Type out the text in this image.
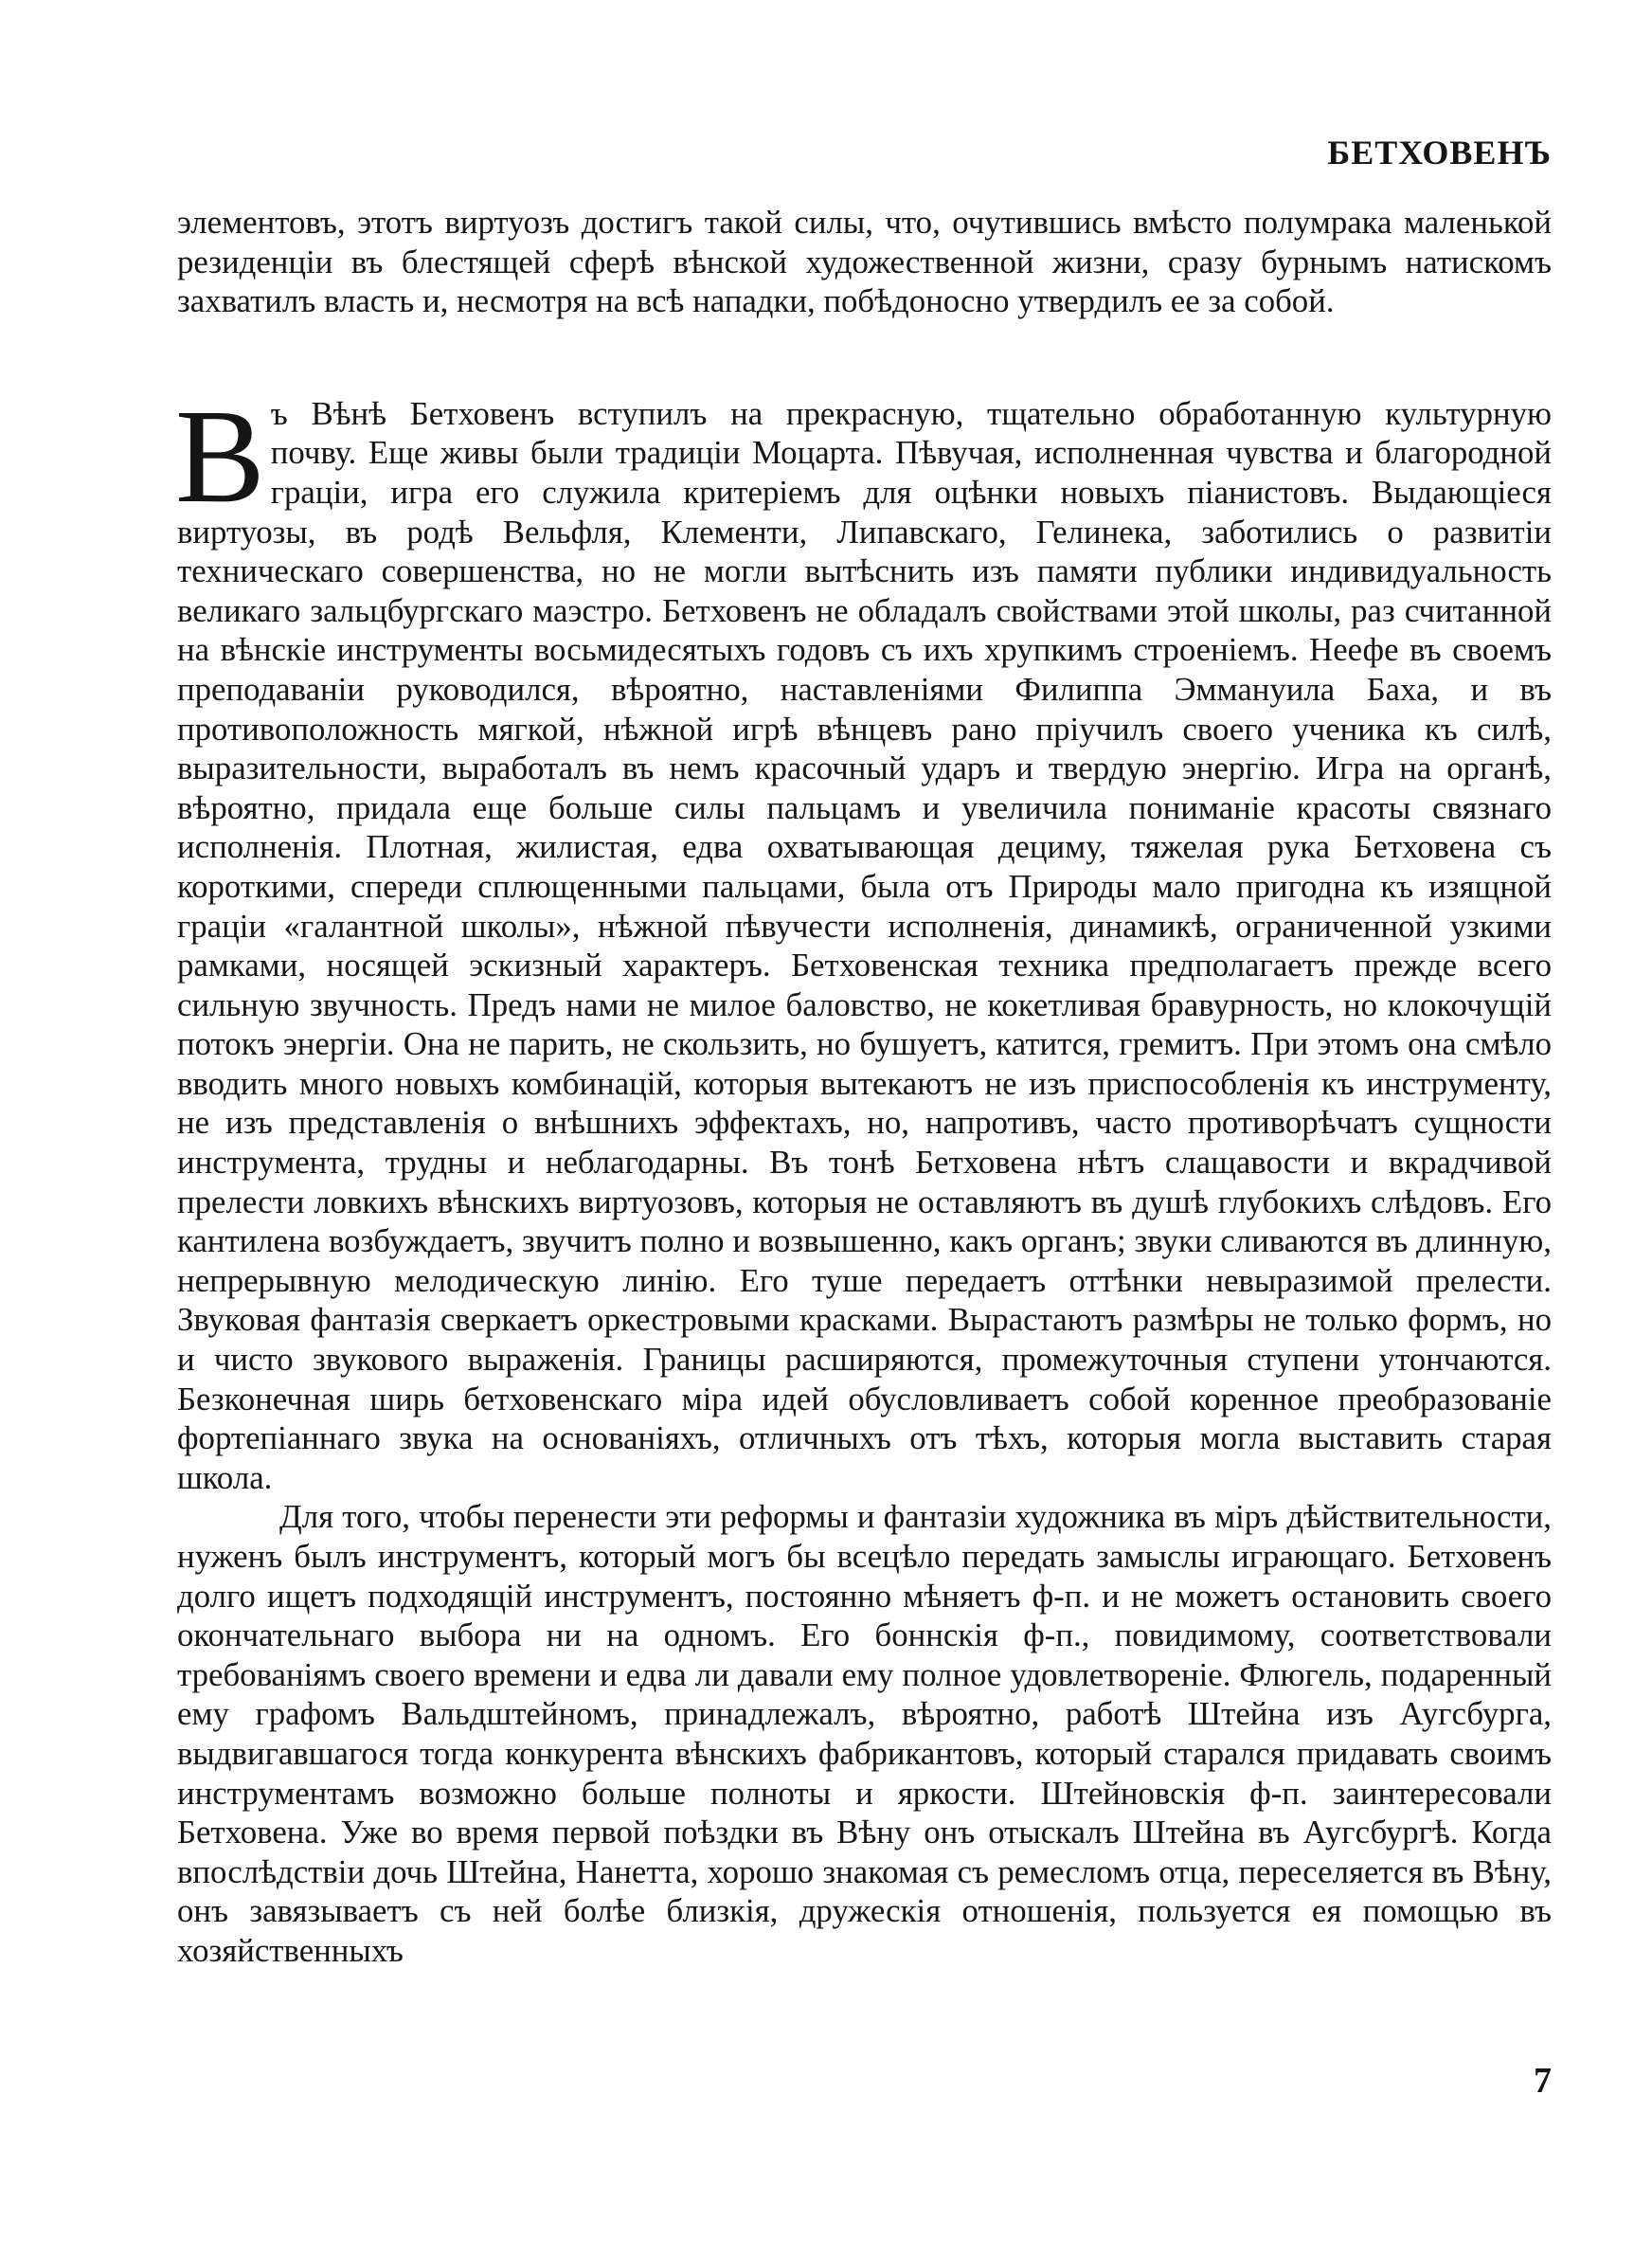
БЕТХОВЕНЪ

элементовъ, этотъ виртуозъ достигъ такой силы, что, очутившись вмѣсто полумрака маленькой резиденціи въ блестящей сферѣ вѣнской художественной жизни, сразу бурнымъ натискомъ захватилъ власть и, несмотря на всѣ нападки, побѣдоносно утвердилъ ее за собой.

Въ Вѣнѣ Бетховенъ вступилъ на прекрасную, тщательно обработанную культурную почву. Еще живы были традиціи Моцарта. Пѣвучая, исполненная чувства и благородной граціи, игра его служила критеріемъ для оцѣнки новыхъ піанистовъ. Выдающіеся виртуозы, въ родѣ Вельфля, Клементи, Липавскаго, Гелинека, заботились о развитіи техническаго совершенства, но не могли вытѣснить изъ памяти публики индивидуальность великаго зальцбургскаго маэстро. Бетховенъ не обладалъ свойствами этой школы, раз считанной на вѣнскіе инструменты восьмидесятыхъ годовъ съ ихъ хрупкимъ строеніемъ. Неефе въ своемъ преподаваніи руководился, вѣроятно, наставленіями Филиппа Эммануила Баха, и въ противоположность мягкой, нѣжной игрѣ вѣнцевъ рано пріучилъ своего ученика къ силѣ, выразительности, выработалъ въ немъ красочный ударъ и твердую энергію. Игра на органѣ, вѣроятно, придала еще больше силы пальцамъ и увеличила пониманіе красоты связнаго исполненія. Плотная, жилистая, едва охватывающая дециму, тяжелая рука Бетховена съ короткими, спереди сплющенными пальцами, была отъ Природы мало пригодна къ изящной граціи «галантной школы», нѣжной пѣвучести исполненія, динамикѣ, ограниченной узкими рамками, носящей эскизный характеръ. Бетховенская техника предполагаетъ прежде всего сильную звучность. Предъ нами не милое баловство, не кокетливая бравурность, но клокочущій потокъ энергіи. Она не парить, не скользить, но бушуетъ, катится, гремитъ. При этомъ она смѣло вводить много новыхъ комбинацій, которыя вытекаютъ не изъ приспособленія къ инструменту, не изъ представленія о внѣшнихъ эффектахъ, но, напротивъ, часто противорѣчатъ сущности инструмента, трудны и неблагодарны. Въ тонѣ Бетховена нѣтъ слащавости и вкрадчивой прелести ловкихъ вѣнскихъ виртуозовъ, которыя не оставляютъ въ душѣ глубокихъ слѣдовъ. Его кантилена возбуждаетъ, звучитъ полно и возвышенно, какъ органъ; звуки сливаются въ длинную, непрерывную мелодическую линію. Его туше передаетъ оттѣнки невыразимой прелести. Звуковая фантазія сверкаетъ оркестровыми красками. Вырастаютъ размѣры не только формъ, но и чисто звукового выраженія. Границы расширяются, промежуточныя ступени утончаются. Безконечная ширь бетховенскаго міра идей обусловливаетъ собой коренное преобразованіе фортепіаннаго звука на основаніяхъ, отличныхъ отъ тѣхъ, которыя могла выставить старая школа.

Для того, чтобы перенести эти реформы и фантазіи художника въ міръ дѣйствительности, нуженъ былъ инструментъ, который могъ бы всецѣло передать замыслы играющаго. Бетховенъ долго ищетъ подходящій инструментъ, постоянно мѣняетъ ф-п. и не можетъ остановить своего окончательнаго выбора ни на одномъ. Его боннскія ф-п., повидимому, соответствовали требованіямъ своего времени и едва ли давали ему полное удовлетвореніе. Флюгель, подаренный ему графомъ Вальдштейномъ, принадлежалъ, вѣроятно, работѣ Штейна изъ Аугсбурга, выдвигавшагося тогда конкурента вѣнскихъ фабрикантовъ, который старался придавать своимъ инструментамъ возможно больше полноты и яркости. Штейновскія ф-п. заинтересовали Бетховена. Уже во время первой поѣздки въ Вѣну онъ отыскалъ Штейна въ Аугсбургѣ. Когда впослѣдствіи дочь Штейна, Нанетта, хорошо знакомая съ ремесломъ отца, переселяется въ Вѣну, онъ завязываетъ съ ней болѣе близкія, дружескія отношенія, пользуется ея помощью въ хозяйственныхъ

7
